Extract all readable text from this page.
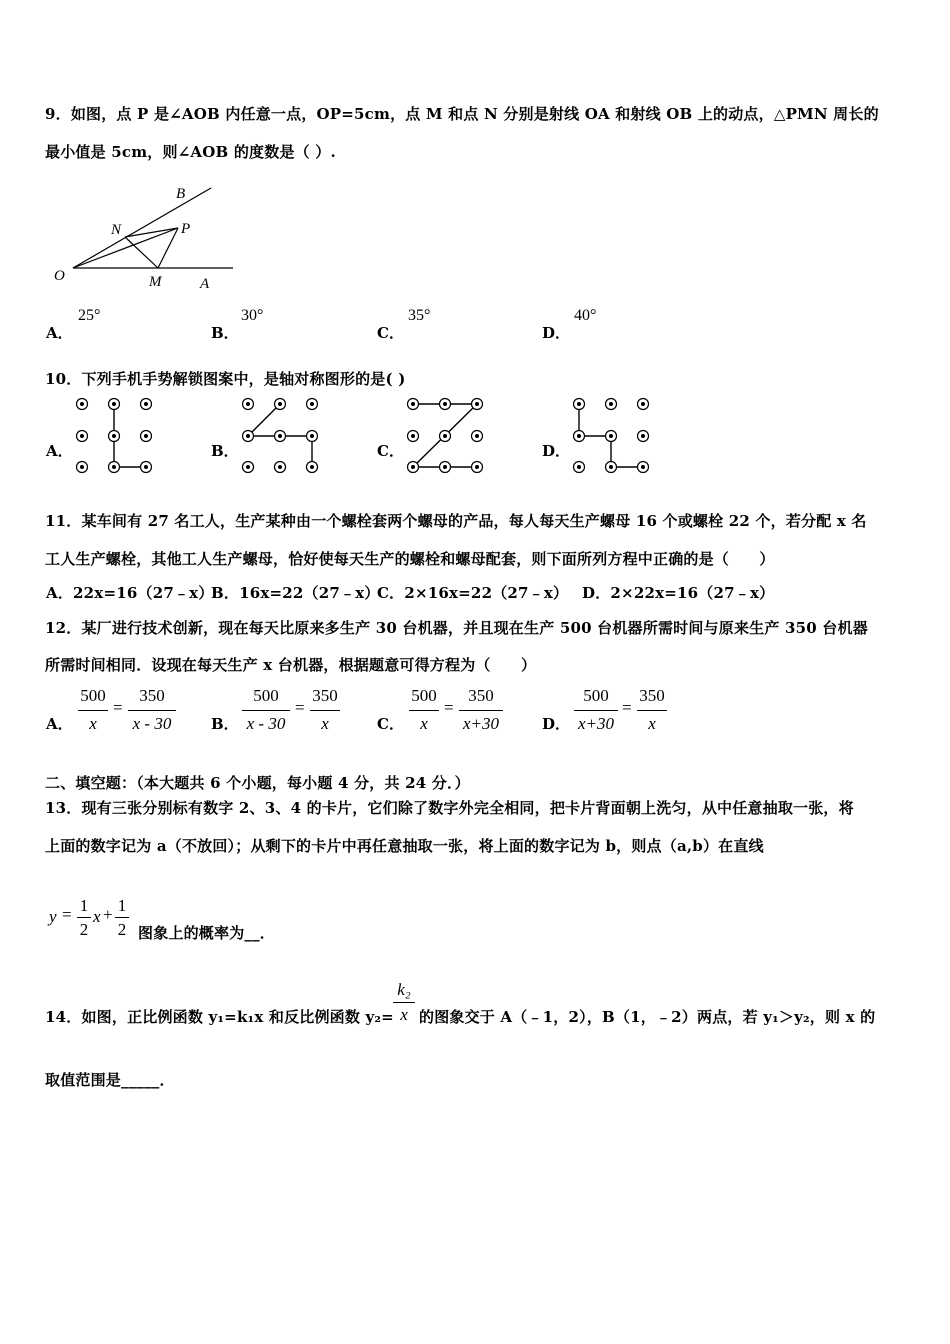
9．如图，点 P 是∠AOB 内任意一点，OP=5cm，点 M 和点 N 分别是射线 OA 和射线 OB 上的动点，△PMN 周长的
最小值是 5cm，则∠AOB 的度数是（ ）.
O	A
B
N	P
M
A．
25°
B．
30°
C．
35°
D．
40°
10．下列手机手势解锁图案中，是轴对称图形的是( )
A．	B．	C．	D．
11．某车间有 27 名工人，生产某种由一个螺栓套两个螺母的产品，每人每天生产螺母 16 个或螺栓 22 个，若分配 x 名
工人生产螺栓，其他工人生产螺母，恰好使每天生产的螺栓和螺母配套，则下面所列方程中正确的是（　　）
A．22x=16（27﹣x）
B．16x=22（27﹣x）
C．2×16x=22（27﹣x） D．2×22x=16（27﹣x）
12．某厂进行技术创新，现在每天比原来多生产 30 台机器，并且现在生产 500 台机器所需时间与原来生产 350 台机器
所需时间相同．设现在每天生产 x 台机器，根据题意可得方程为（　　）
A．
500
x
=
350
x - 30	B．
500
x - 30
=
350
x	C．
500
x
=
350
x+30	D．
500
x+30
=
350
x
二、填空题：（本大题共 6 个小题，每小题 4 分，共 24 分．）
13．现有三张分别标有数字 2、3、4 的卡片，它们除了数字外完全相同，把卡片背面朝上洗匀，从中任意抽取一张，将
上面的数字记为 a（不放回）；从剩下的卡片中再任意抽取一张，将上面的数字记为 b，则点（a,b）在直线
y = 1
2
x + 1
2 图象上的概率为__．
14．如图，正比例函数 y₁=k₁x 和反比例函数 y₂=
k₂
x 的图象交于 A（﹣1，2），B（1，﹣2）两点，若 y₁＞y₂，则 x 的
取值范围是_____．
